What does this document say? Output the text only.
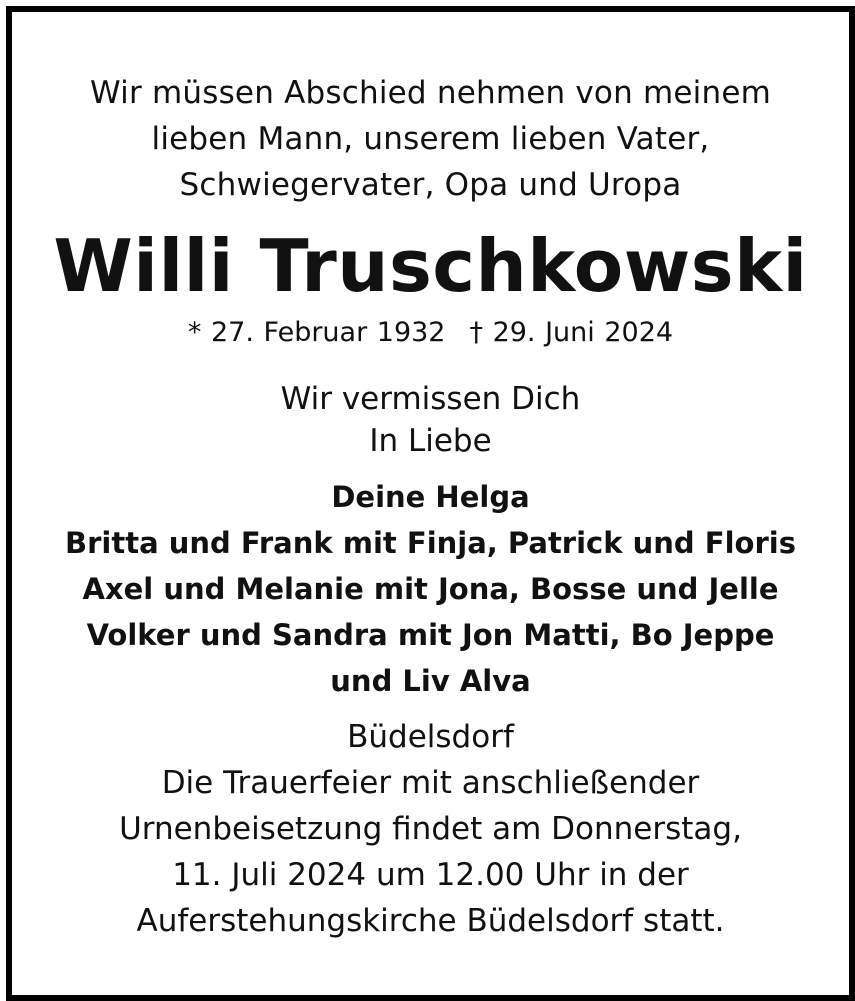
Wir müssen Abschied nehmen von meinem
lieben Mann, unserem lieben Vater,
Schwiegervater, Opa und Uropa
Willi Truschkowski
* 27. Februar 1932 † 29. Juni 2024
Wir vermissen Dich
In Liebe
Deine Helga
Britta und Frank mit Finja, Patrick und Floris
Axel und Melanie mit Jona, Bosse und Jelle
Volker und Sandra mit Jon Matti, Bo Jeppe
und Liv Alva
Büdelsdorf
Die Trauerfeier mit anschließender
Urnenbeisetzung findet am Donnerstag,
11. Juli 2024 um 12.00 Uhr in der
Auferstehungskirche Büdelsdorf statt.
